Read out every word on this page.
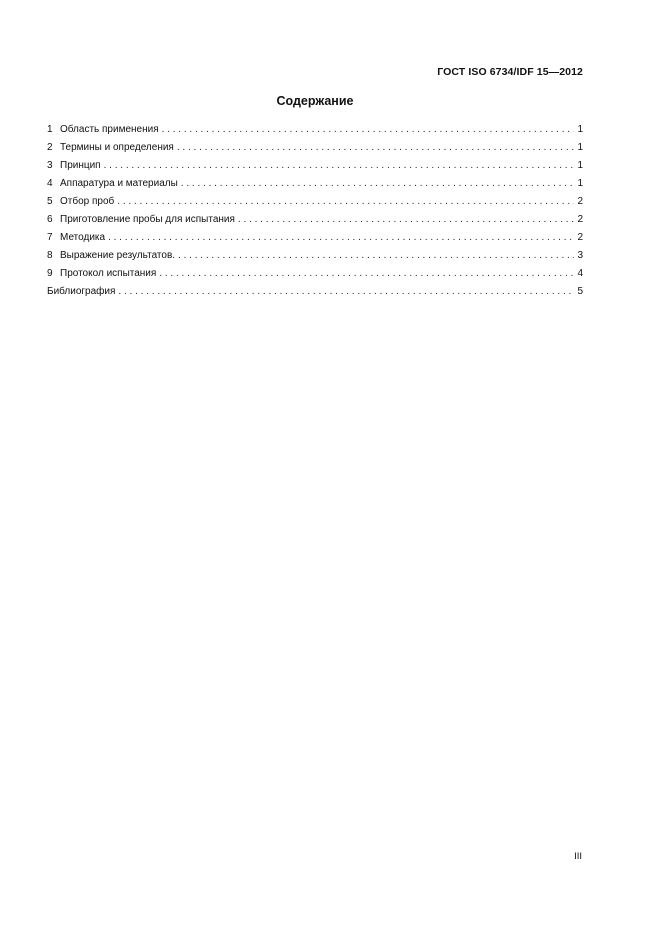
ГОСТ ISO 6734/IDF 15—2012
Содержание
1 Область применения . . .	1
2 Термины и определения . . .	1
3 Принцип . . .	1
4 Аппаратура и материалы . . .	1
5 Отбор проб . . .	2
6 Приготовление пробы для испытания . . .	2
7 Методика . . .	2
8 Выражение результатов. . . .	3
9 Протокол испытания . . .	4
Библиография . . .	5
III
